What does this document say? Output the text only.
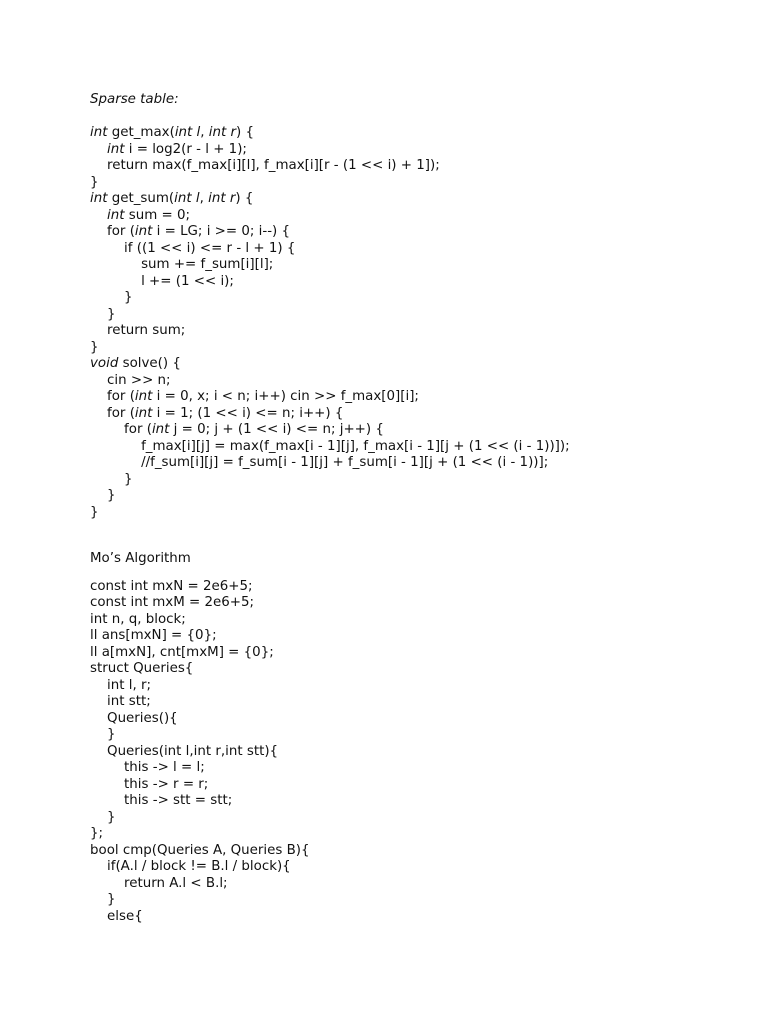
Sparse table:
int get_max(int l, int r) {
int i = log2(r - l + 1);
return max(f_max[i][l], f_max[i][r - (1 << i) + 1]);
}
int get_sum(int l, int r) {
int sum = 0;
for (int i = LG; i >= 0; i--) {
if ((1 << i) <= r - l + 1) {
sum += f_sum[i][l];
l += (1 << i);
}
}
return sum;
}
void solve() {
cin >> n;
for (int i = 0, x; i < n; i++) cin >> f_max[0][i];
for (int i = 1; (1 << i) <= n; i++) {
for (int j = 0; j + (1 << i) <= n; j++) {
f_max[i][j] = max(f_max[i - 1][j], f_max[i - 1][j + (1 << (i - 1))]);
//f_sum[i][j] = f_sum[i - 1][j] + f_sum[i - 1][j + (1 << (i - 1))];
}
}
}
Mo’s Algorithm
const int mxN = 2e6+5;
const int mxM = 2e6+5;
int n, q, block;
ll ans[mxN] = {0};
ll a[mxN], cnt[mxM] = {0};
struct Queries{
int l, r;
int stt;
Queries(){
}
Queries(int l,int r,int stt){
this -> l = l;
this -> r = r;
this -> stt = stt;
}
};
bool cmp(Queries A, Queries B){
if(A.l / block != B.l / block){
return A.l < B.l;
}
else{
